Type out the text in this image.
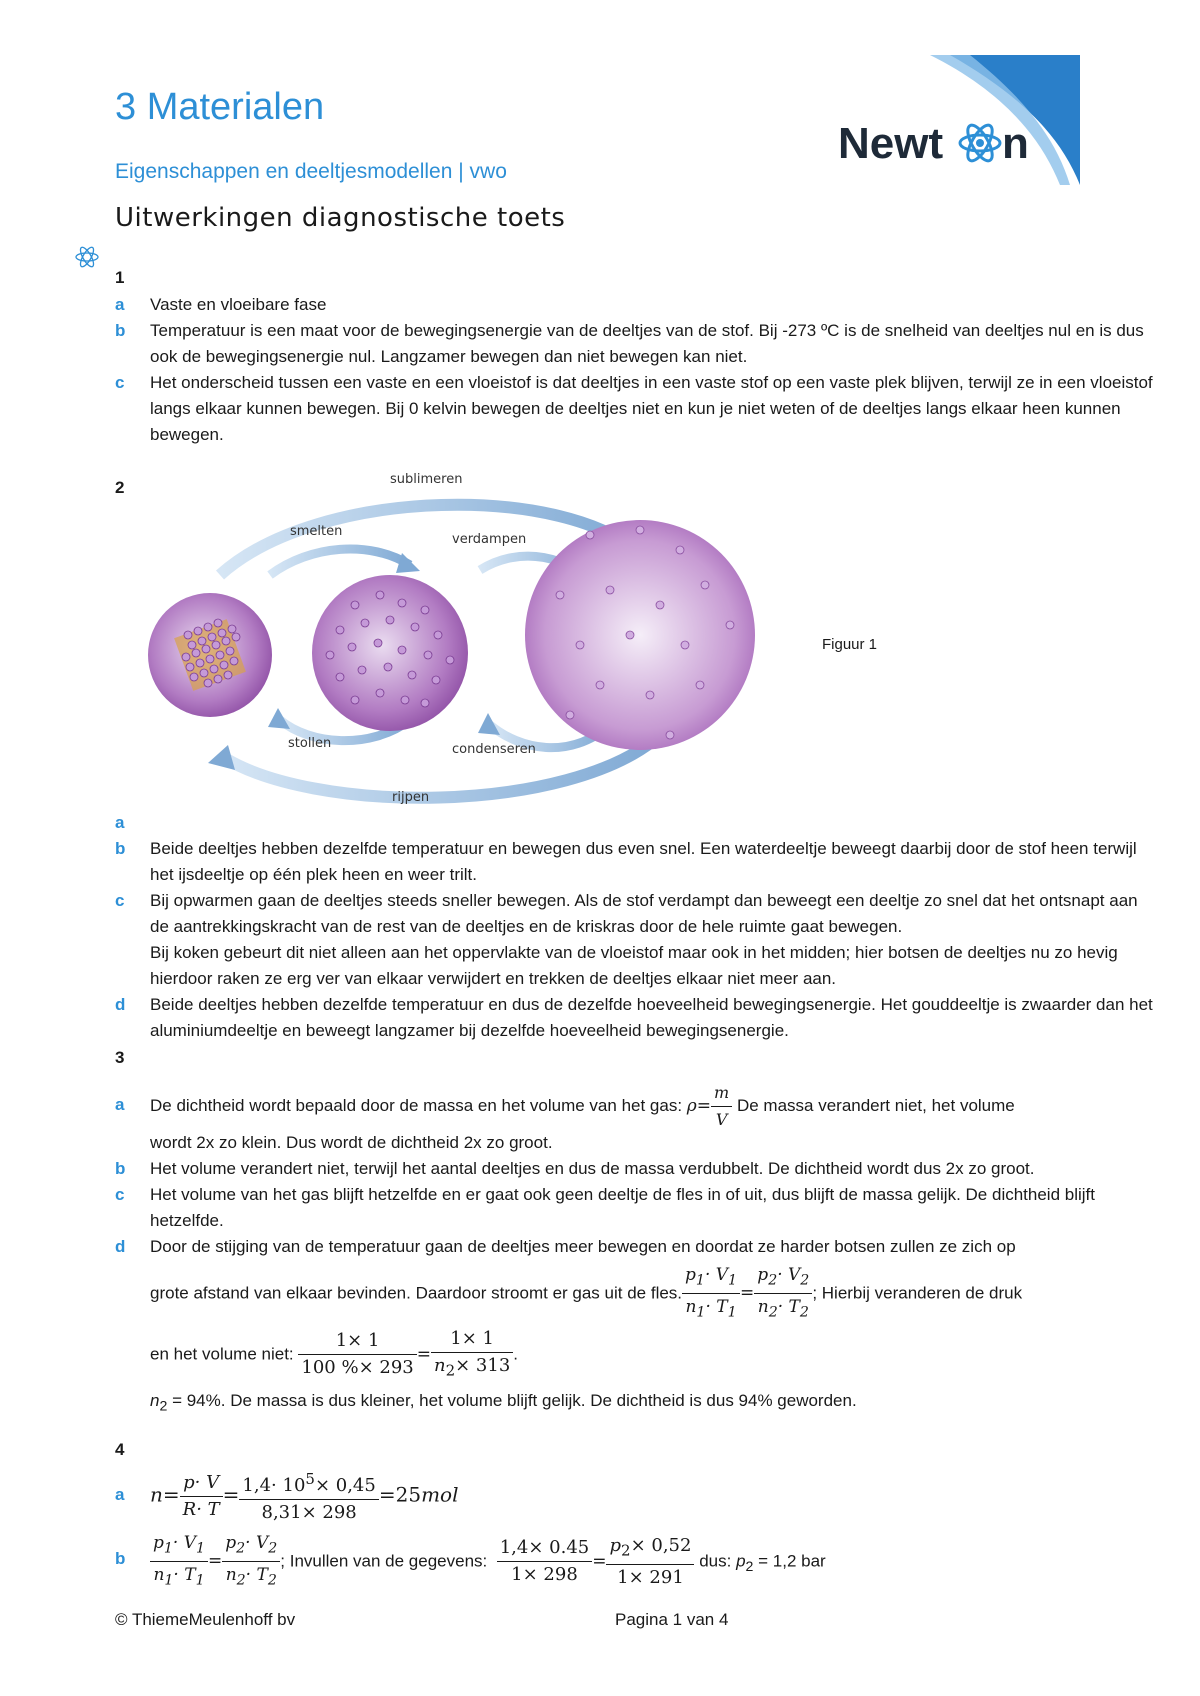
Newt n
3 Materialen
Eigenschappen en deeltjesmodellen | vwo
Uitwerkingen diagnostische toets
1
a Vaste en vloeibare fase
b Temperatuur is een maat voor de bewegingsenergie van de deeltjes van de stof. Bij -273 ºC is de snelheid van deeltjes nul en is dus ook de bewegingsenergie nul. Langzamer bewegen dan niet bewegen kan niet.
c Het onderscheid tussen een vaste en een vloeistof is dat deeltjes in een vaste stof op een vaste plek blijven, terwijl ze in een vloeistof langs elkaar kunnen bewegen. Bij 0 kelvin bewegen de deeltjes niet en kun je niet weten of de deeltjes langs elkaar heen kunnen bewegen.
2	sublimeren
smelten
verdampen
stollen	condenseren
rijpen
Figuur 1
a
b Beide deeltjes hebben dezelfde temperatuur en bewegen dus even snel. Een waterdeeltje beweegt daarbij door de stof heen terwijl het ijsdeeltje op één plek heen en weer trilt.
c Bij opwarmen gaan de deeltjes steeds sneller bewegen. Als de stof verdampt dan beweegt een deeltje zo snel dat het ontsnapt aan de aantrekkingskracht van de rest van de deeltjes en de kriskras door de hele ruimte gaat bewegen.
Bij koken gebeurt dit niet alleen aan het oppervlakte van de vloeistof maar ook in het midden; hier botsen de deeltjes nu zo hevig hierdoor raken ze erg ver van elkaar verwijdert en trekken de deeltjes elkaar niet meer aan.
d Beide deeltjes hebben dezelfde temperatuur en dus de dezelfde hoeveelheid bewegingsenergie. Het gouddeeltje is zwaarder dan het aluminiumdeeltje en beweegt langzamer bij dezelfde hoeveelheid bewegingsenergie.
3
a De dichtheid wordt bepaald door de massa en het volume van het gas: $\rho= \frac{m}{V}$ De massa verandert niet, het volume
wordt 2x zo klein. Dus wordt de dichtheid 2x zo groot.
b Het volume verandert niet, terwijl het aantal deeltjes en dus de massa verdubbelt. De dichtheid wordt dus 2x zo groot.
c Het volume van het gas blijft hetzelfde en er gaat ook geen deeltje de fles in of uit, dus blijft de massa gelijk. De dichtheid blijft hetzelfde.
d Door de stijging van de temperatuur gaan de deeltjes meer bewegen en doordat ze harder botsen zullen ze zich op
grote afstand van elkaar bevinden. Daardoor stroomt er gas uit de fles. $\frac{p_1\cdot V_1}{n_1\cdot T_1} = \frac{p_2\cdot V_2}{n_2\cdot T_2}$ ; Hierbij veranderen de druk
en het volume niet: $\frac{1\times 1}{100 \%\times 293} = \frac{1\times 1}{n_2\times 313}$ .
$n_2 = 94\%$. De massa is dus kleiner, het volume blijft gelijk. De dichtheid is dus 94% geworden.
4
a $n= \frac{p\cdot V}{R\cdot T} = \frac{1,4\cdot 10^5\times 0,45}{8,31\times 298} =25mol$
b $\frac{p_1\cdot V_1}{n_1\cdot T_1} = \frac{p_2\cdot V_2}{n_2\cdot T_2}$ ; Invullen van de gegevens: $\frac{1,4\times 0.45}{1\times 298} = \frac{p_2\times 0,52}{1\times 291}$ dus: $p_2 = 1,2$ bar
© ThiemeMeulenhoff bv	Pagina 1 van 4
